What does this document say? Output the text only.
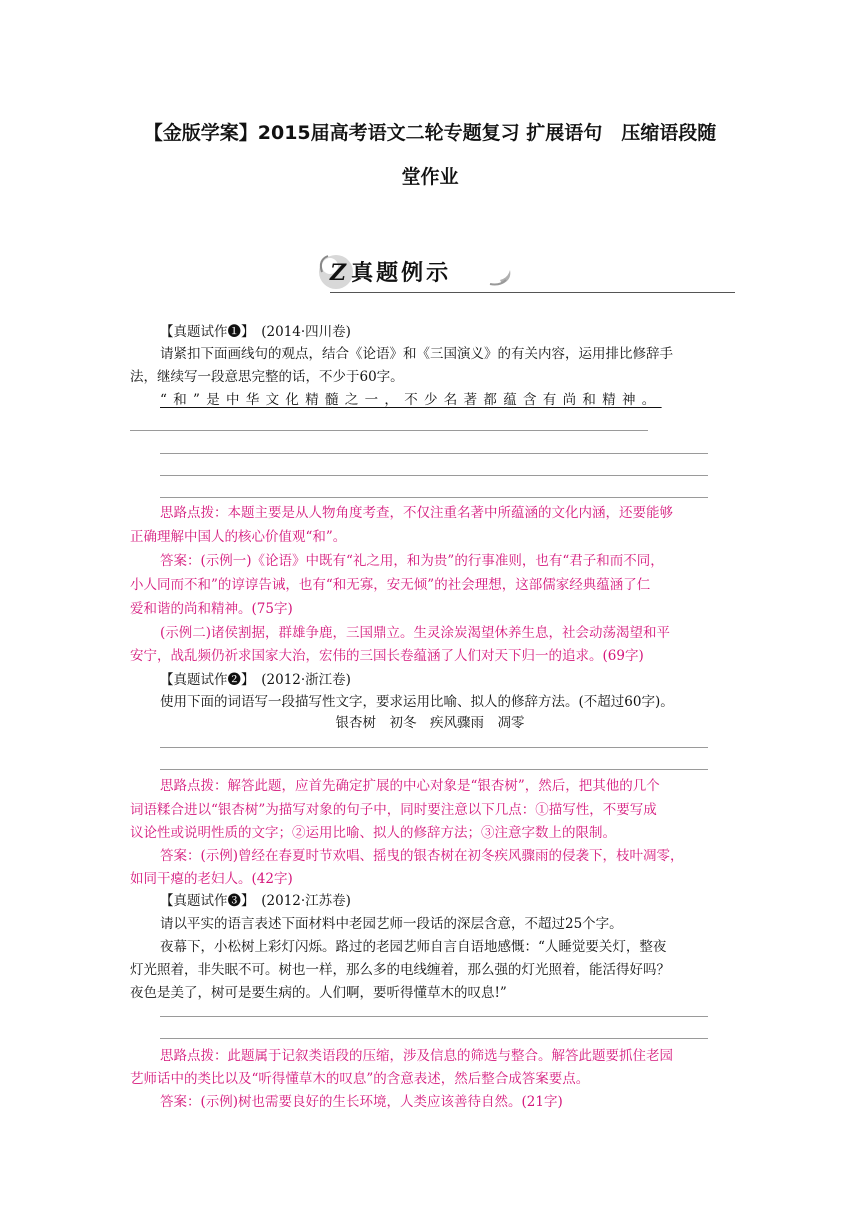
【金版学案】2015届高考语文二轮专题复习 扩展语句　压缩语段随
堂作业
Z真题例示
【真题试作❶】　(2014·四川卷)
请紧扣下面画线句的观点，结合《论语》和《三国演义》的有关内容，运用排比修辞手
法，继续写一段意思完整的话，不少于60字。
“和”是中华文化精髓之一，不少名著都蕴含有尚和精神。
思路点拨：本题主要是从人物角度考查，不仅注重名著中所蕴涵的文化内涵，还要能够
正确理解中国人的核心价值观“和”。
答案：(示例一)《论语》中既有“礼之用，和为贵”的行事准则，也有“君子和而不同，
小人同而不和”的谆谆告诫，也有“和无寡，安无倾”的社会理想，这部儒家经典蕴涵了仁
爱和谐的尚和精神。(75字)
(示例二)诸侯割据，群雄争鹿，三国鼎立。生灵涂炭渴望休养生息，社会动荡渴望和平
安宁，战乱频仍祈求国家大治，宏伟的三国长卷蕴涵了人们对天下归一的追求。(69字)
【真题试作❷】　(2012·浙江卷)
使用下面的词语写一段描写性文字，要求运用比喻、拟人的修辞方法。(不超过60字)。
银杏树　初冬　疾风骤雨　凋零
思路点拨：解答此题，应首先确定扩展的中心对象是“银杏树”，然后，把其他的几个
词语糅合进以“银杏树”为描写对象的句子中，同时要注意以下几点：①描写性，不要写成
议论性或说明性质的文字；②运用比喻、拟人的修辞方法；③注意字数上的限制。
答案：(示例)曾经在春夏时节欢唱、摇曳的银杏树在初冬疾风骤雨的侵袭下，枝叶凋零，
如同干瘪的老妇人。(42字)
【真题试作❸】　(2012·江苏卷)
请以平实的语言表述下面材料中老园艺师一段话的深层含意，不超过25个字。
夜幕下，小松树上彩灯闪烁。路过的老园艺师自言自语地感慨：“人睡觉要关灯，整夜
灯光照着，非失眠不可。树也一样，那么多的电线缠着，那么强的灯光照着，能活得好吗？
夜色是美了，树可是要生病的。人们啊，要听得懂草木的叹息!”
思路点拨：此题属于记叙类语段的压缩，涉及信息的筛选与整合。解答此题要抓住老园
艺师话中的类比以及“听得懂草木的叹息”的含意表述，然后整合成答案要点。
答案：(示例)树也需要良好的生长环境，人类应该善待自然。(21字)
